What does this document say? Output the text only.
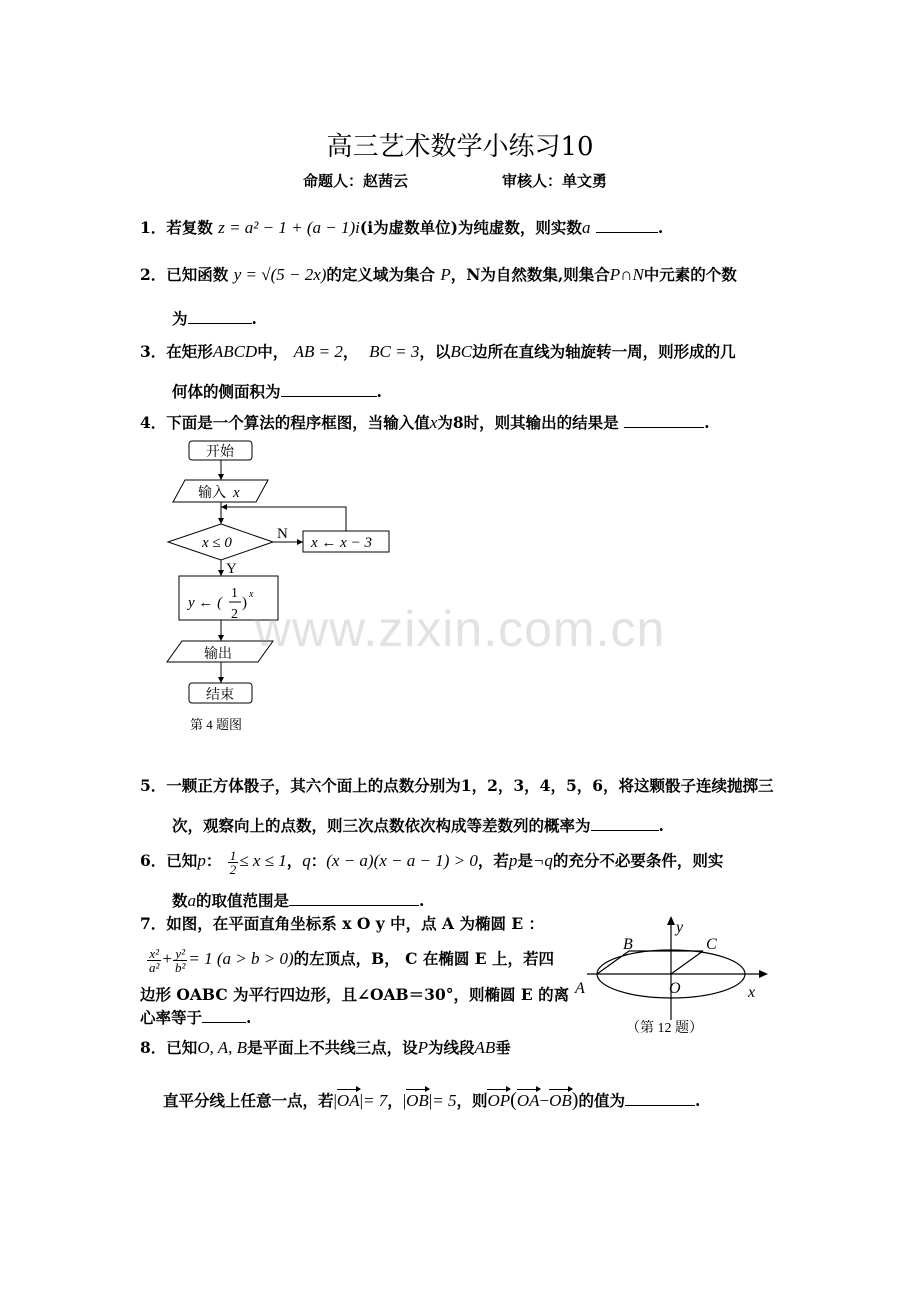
高三艺术数学小练习10
命题人：赵茜云	审核人：单文勇
1．若复数 z = a² − 1 + (a − 1)i(i为虚数单位)为纯虚数，则实数a	.
2．已知函数 y = √(5 − 2x)的定义域为集合 P，N为自然数集,则集合P∩N中元素的个数
为	.
3．在矩形ABCD中， AB = 2，  BC = 3，以BC边所在直线为轴旋转一周，则形成的几
何体的侧面积为	.
4．下面是一个算法的程序框图，当输入值x为8时，则其输出的结果是	.
开始
输入 x
x ≤ 0
N
Y
x ← x − 3
y ← (
1
2
)
x
输出
结束
第 4 题图
5．一颗正方体骰子，其六个面上的点数分别为1，2，3，4，5，6，将这颗骰子连续抛掷三
次，观察向上的点数，则三次点数依次构成等差数列的概率为	.
6．已知p： $\frac{1}{2} \le x \le 1$，q：(x − a)(x − a − 1) > 0，若p是¬q的充分不必要条件，则实
数a的取值范围是	.
7．如图，在平面直角坐标系 x O y 中，点 A 为椭圆 E ：
$\frac{\text{x²}}{\text{a²}} + \frac{\text{y²}}{\text{b²}} = 1$ (a > b > 0)的左顶点，B， C 在椭圆 E 上，若四
边形 OABC 为平行四边形，且∠OAB＝30°，则椭圆 E 的离
心率等于	.
y
x
A
B	C
O
（第 12 题）
8．已知O, A, B是平面上不共线三点，设P为线段AB垂
直平分线上任意一点，若|OA|= 7，|OB|= 5，则OP(OA−OB)的值为	.
www.zixin.com.cn
